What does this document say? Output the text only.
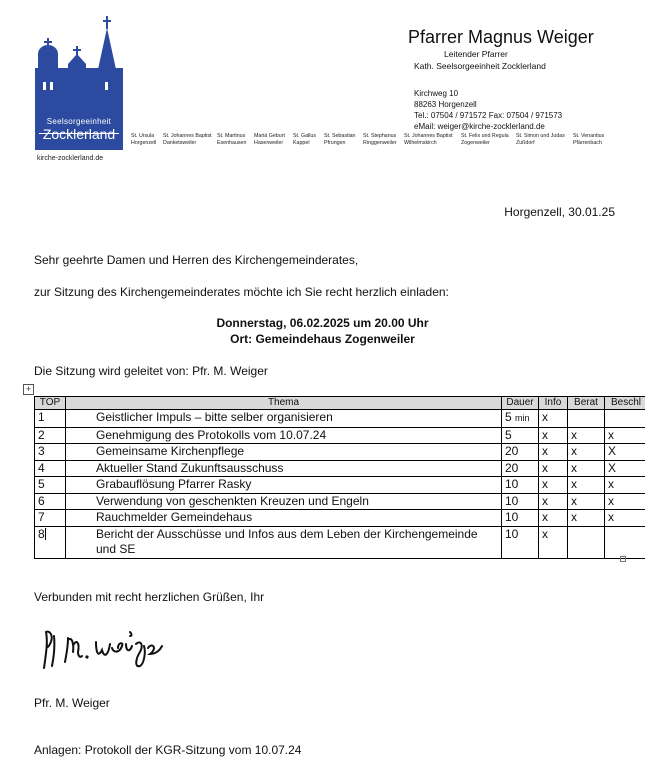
Seelsorgeeinheit
Zocklerland
kirche-zocklerland.de
Pfarrer Magnus Weiger
Leitender Pfarrer
Kath. Seelsorgeeinheit Zocklerland
Kirchweg 10
88263 Horgenzell
Tel.: 07504 / 971572 Fax: 07504 / 971573
eMail: weiger@kirche-zocklerland.de
St. Ursula
Horgenzell
St. Johannes Baptist
Danketsweiler
St. Martinus
Esenhausen
Mariä Geburt
Hasenweiler
St. Gallus
Kappel
St. Sebastian
Pfrungen
St. Stephanus
Ringgenweiler
St. Johannes Baptist
Wilhelmskirch
St. Felix und Regula
Zogenweiler
St. Simon und Judas
Zußdorf
St. Venantius
Pfärrenbach
Horgenzell, 30.01.25
Sehr geehrte Damen und Herren des Kirchengemeinderates,
zur Sitzung des Kirchengemeinderates möchte ich Sie recht herzlich einladen:
Donnerstag, 06.02.2025 um 20.00 Uhr
Ort: Gemeindehaus Zogenweiler
Die Sitzung wird geleitet von: Pfr. M. Weiger
+
TOP	Thema	Dauer	Info	Berat	Beschl
1	Geistlicher Impuls – bitte selber organisieren	5 min	x		
2	Genehmigung des Protokolls vom 10.07.24	5	x	x	x
3	Gemeinsame Kirchenpflege	20	x	x	X
4	Aktueller Stand Zukunftsausschuss	20	x	x	X
5	Grabauflösung Pfarrer Rasky	10	x	x	x
6	Verwendung von geschenkten Kreuzen und Engeln	10	x	x	x
7	Rauchmelder Gemeindehaus	10	x	x	x
8	Bericht der Ausschüsse und Infos aus dem Leben der Kirchengemeinde und SE	10	x		
Verbunden mit recht herzlichen Grüßen, Ihr
Pfr. M. Weiger
Anlagen: Protokoll der KGR-Sitzung vom 10.07.24
